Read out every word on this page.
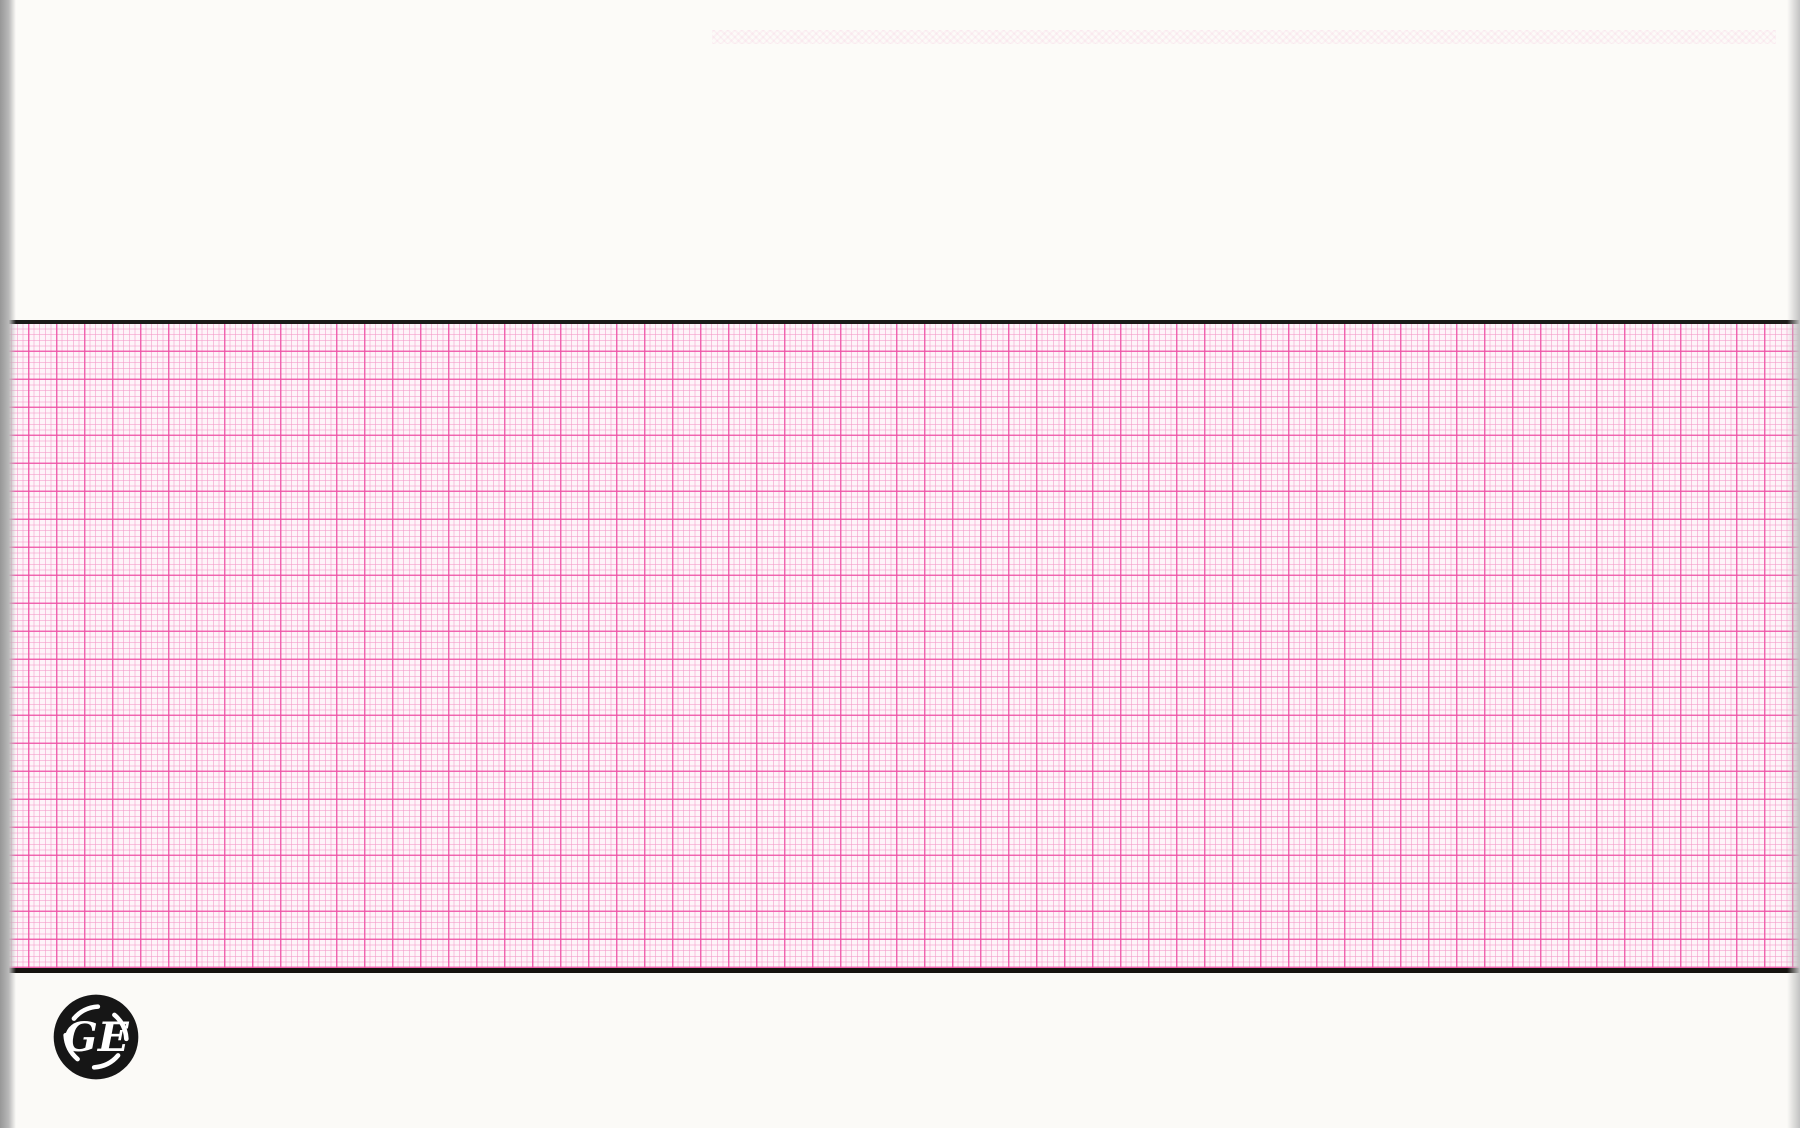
GE
